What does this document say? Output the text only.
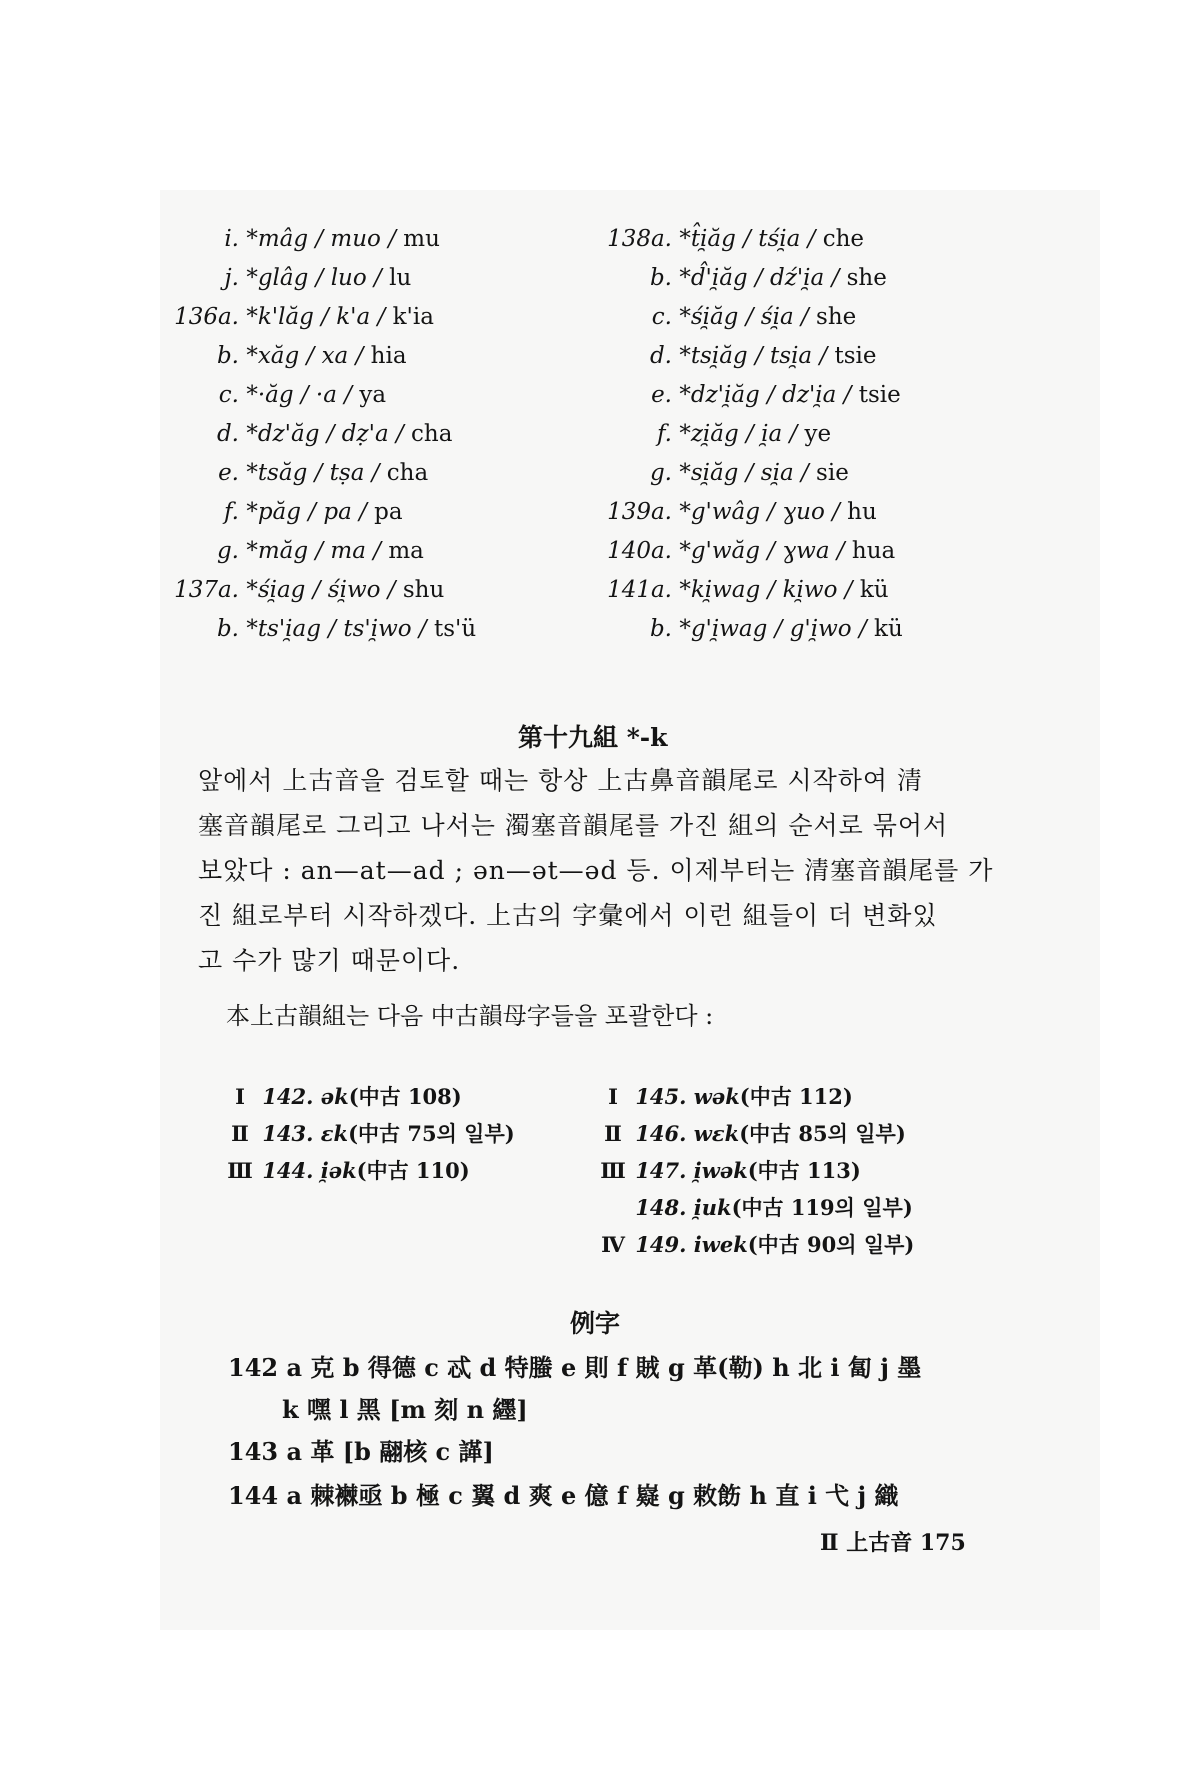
i. *mâg / muo / mu
j. *glâg / luo / lu
136a. *k'lăg / k'a / k'ia
b. *xăg / xa / hia
c. *·ăg / ·a / ya
d. *dz'ăg / dẓ'a / cha
e. *tsăg / tṣa / cha
f. *păg / pa / pa
g. *măg / ma / ma
137a. *śi̯ag / śi̯wo / shu
b. *ts'i̯ag / ts'i̯wo / ts'ü
138a. *t̂i̯ăg / tśi̯a / che
b. *d̂'i̯ăg / dź'i̯a / she
c. *śi̯ăg / śi̯a / she
d. *tsi̯ăg / tsi̯a / tsie
e. *dz'i̯ăg / dz'i̯a / tsie
f. *zi̯ăg / i̯a / ye
g. *si̯ăg / si̯a / sie
139a. *g'wâg / ɣuo / hu
140a. *g'wăg / ɣwa / hua
141a. *ki̯wag / ki̯wo / kü
b. *g'i̯wag / g'i̯wo / kü
第十九組 *-k
앞에서 上古音을 검토할 때는 항상 上古鼻音韻尾로 시작하여 清
塞音韻尾로 그리고 나서는 濁塞音韻尾를 가진 組의 순서로 묶어서
보았다 : an—at—ad ; ən—ət—əd 등. 이제부터는 清塞音韻尾를 가
진 組로부터 시작하겠다. 上古의 字彙에서 이런 組들이 더 변화있
고 수가 많기 때문이다.
本上古韻組는 다음 中古韻母字들을 포괄한다 :
Ⅰ 142. ək(中古 108)
Ⅱ 143. ɛk(中古 75의 일부)
Ⅲ 144. i̯ək(中古 110)
Ⅰ 145. wək(中古 112)
Ⅱ 146. wɛk(中古 85의 일부)
Ⅲ 147. i̯wək(中古 113)
148. i̯uk(中古 119의 일부)
Ⅳ 149. iwek(中古 90의 일부)
例字
142 a 克 b 得德 c 忒 d 特螣 e 則 f 賊 g 革(勒) h 北 i 匐 j 墨
k 嘿 l 黑 [m 刻 n 纆]
143 a 革 [b 翮核 c 諽]
144 a 棘襋亟 b 極 c 翼 d 爽 e 億 f 嶷 g 敕飭 h 直 i 弋 j 織
Ⅱ 上古音 175
